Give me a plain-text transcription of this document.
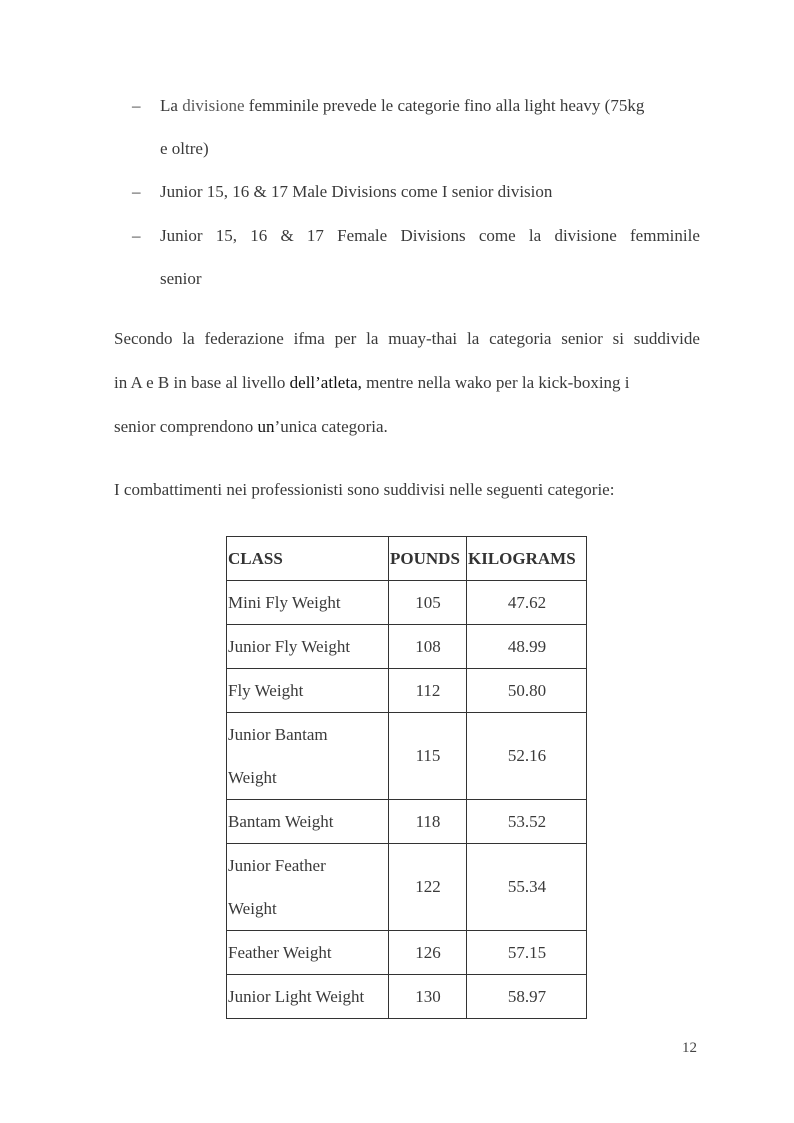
–	La divisione femminile prevede le categorie fino alla light heavy (75kg
e oltre)
–	Junior 15, 16 & 17 Male Divisions come I senior division
–	Junior 15, 16 & 17 Female Divisions come la divisione femminile
senior
Secondo la federazione ifma per la muay-thai la categoria senior si suddivide
in A e B in base al livello dell’atleta, mentre nella wako per la kick-boxing i
senior comprendono un’unica categoria.
I combattimenti nei professionisti sono suddivisi nelle seguenti categorie:
CLASS	POUNDS	KILOGRAMS
Mini Fly Weight	105	47.62
Junior Fly Weight	108	48.99
Fly Weight	112	50.80

Junior Bantam
Weight	115	52.16
Bantam Weight	118	53.52

Junior Feather
Weight	122	55.34
Feather Weight	126	57.15
Junior Light Weight	130	58.97
12
